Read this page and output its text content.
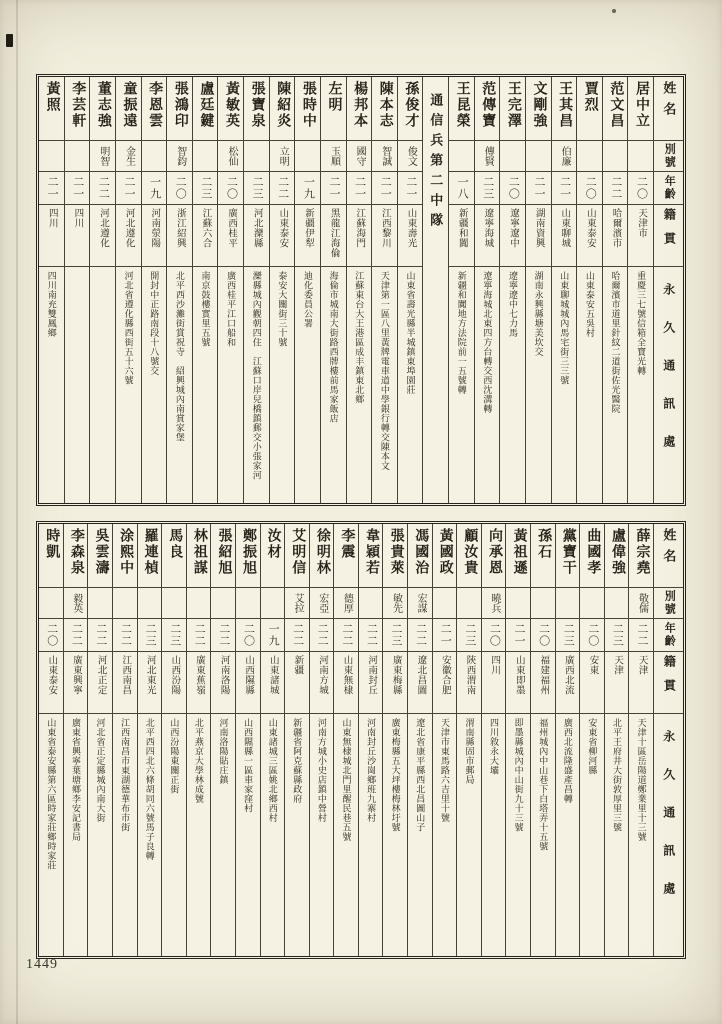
姓名
別號
年齡
籍貫
永久通訊處
居中立
二〇
天津市
重慶三七號信箱全寶光轉
范文昌
二二
哈爾濱市
哈爾濱市道里針紋二道街佐光醫院
賈烈
二〇
山東泰安
山東泰安五吳村
王其昌
伯廉
二一
山東聊城
山東聊城城內馬宅街三三號
文剛強
二一
湖南資興
湖南永興縣塘美坎交
王完澤
二〇
遼寧遼中
遼寧遼中七力馬
范傳寶
傳賢
二三
遼寧海城
遼寧海城北東四方台轉交西沈溝轉
王昆榮
一八
新疆和闐
新疆和闐地方法院前一五號轉
通信兵第二中隊
孫俊才
俊文
二一
山東壽光
山東省壽光縣半城鎮東埠園莊
陳本志
智誠
二一
江西黎川
天津第一區八里黃牌電車道中學銀行轉交陳本文
楊邦本
國守
二一
江蘇海門
江蘇東台大王港區成丰鎮東北鄉
左明
玉順
二一
黑龍江海倫
海倫市城南大街路西牌樓前馬家飯店
張時中
一九
新疆伊犁
迪化委員公署
陳紹炎
立明
二二
山東泰安
泰安大關街三十號
張寶泉
二三
河北灤縣
灤縣城內觀朝四住　江蘇口岸兒橋鎮郵交小張家河
黃敏英
松仙
二〇
廣西桂平
廣西桂平江口船和
盧廷鍵
二三
江蘇六合
南京鼓樓實里五號
張鴻印
智鈞
二〇
浙江紹興
北平西沙灘街賞祝寺　紹興城內南賞家堡
李恩雲
一九
河南滎陽
開封中正路南段十八號交
童振遠
金生
二一
河北遵化
河北省遵化縣西街五十六號
董志強
明智
二二
河北遵化
李芸軒
二一
四川
黃照
二一
四川
四川南充雙鳳鄉
姓名
別號
年齡
籍貫
永久通訊處
薛宗堯
敬儒
二二
天津
天津十區岳陽道鄭業里十三號
盧偉強
二三
天津
北平王府井大街敦厚里三號
曲國孝
二〇
安東
安東省柳河縣
黨寶干
二三
廣西北流
廣西北流隆盛產昌轉
孫石
二〇
福建福州
福州城內中山巷下白塔弄十五號
黃祖遜
二一
山東即墨
即墨縣城內中山街九十三號
向承恩
曉兵
二〇
四川
四川敘永大壩
顧汝貴
二三
陝西渭南
渭南縣固市郵局
黃國政
二一
安徽合肥
天津市東馬路六吉里十號
馮國治
宏謀
二二
遼北昌圖
遼北省康平縣西北昌圖山子
張貴萊
敏先
二三
廣東梅縣
廣東梅縣五大坪樓梅林圩號
韋穎若
二二
河南封丘
河南封丘沙崗鄉班九寨村
李震
德厚
二二
山東無棣
山東無棣城北門里醒民巷五號
徐明林
宏亞
二二
河南方城
河南方城小史店鎮中營村
艾明信
艾拉
二二
新疆
新疆省阿克蘇縣政府
汝材
一九
山東諸城
山東諸城三區姚北鄉西村
鄭振旭
二〇
山西隰縣
山西隰縣一區車家窪村
張紹旭
二二
河南洛陽
河南洛陽貼庄鎮
林祖謀
二二
廣東蕉嶺
北平燕京大學林成號
馬良
二三
山西汾陽
山西汾陽東關正街
羅連楨
二三
河北東光
北平西四北六條胡同六號馬子良轉
涂熙中
二二
江西南昌
江西南昌市東湖德華布市街
吳雲濤
二二
河北正定
河北省正定縣城內南大街
李森泉
毅英
二二
廣東興寧
廣東省興寧葉塘鄉李安記書局
時凱
二〇
山東泰安
山東省泰安縣第六區時家莊鄉時家莊
1449
